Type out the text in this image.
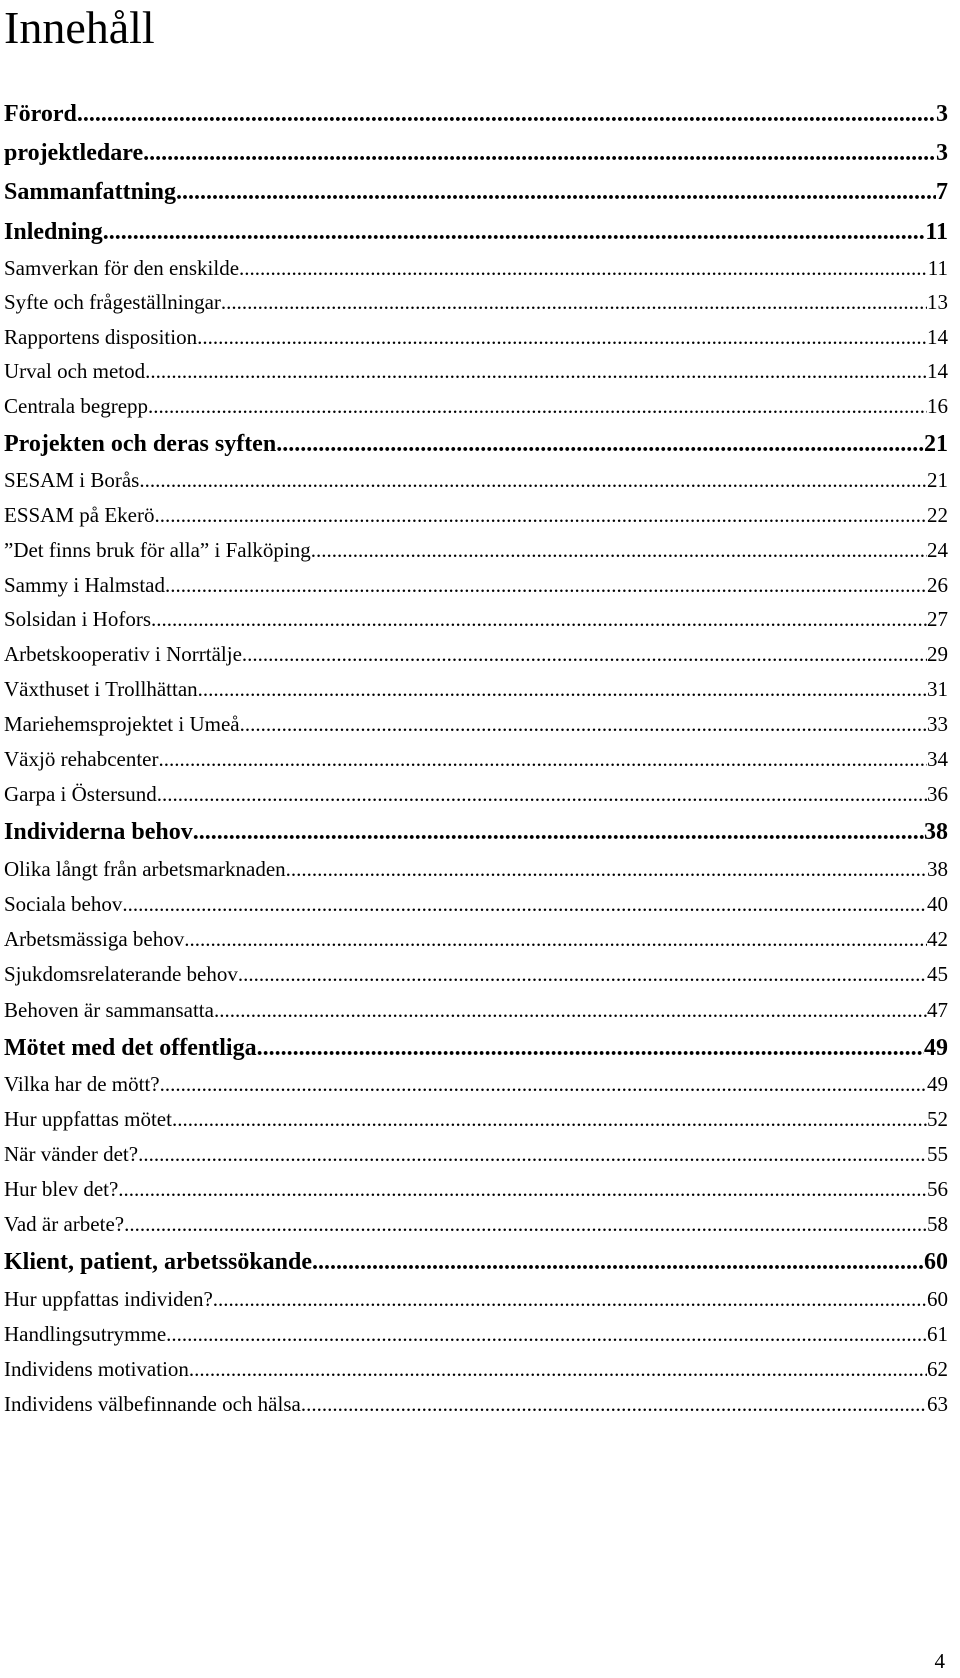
Innehåll
Förord .....	3
projektledare .....	3
Sammanfattning .....	7
Inledning .....	11
Samverkan för den enskilde .....	11
Syfte och frågeställningar .....	13
Rapportens disposition .....	14
Urval och metod .....	14
Centrala begrepp .....	16
Projekten och deras syften .....	21
SESAM i Borås .....	21
ESSAM på Ekerö .....	22
”Det finns bruk för alla” i Falköping .....	24
Sammy i Halmstad .....	26
Solsidan i Hofors .....	27
Arbetskooperativ i Norrtälje .....	29
Växthuset i Trollhättan .....	31
Mariehemsprojektet i Umeå .....	33
Växjö rehabcenter .....	34
Garpa i Östersund .....	36
Individerna behov .....	38
Olika långt från arbetsmarknaden .....	38
Sociala behov .....	40
Arbetsmässiga behov .....	42
Sjukdomsrelaterande behov .....	45
Behoven är sammansatta .....	47
Mötet med det offentliga .....	49
Vilka har de mött? .....	49
Hur uppfattas mötet .....	52
När vänder det? .....	55
Hur blev det? .....	56
Vad är arbete? .....	58
Klient, patient, arbetssökande .....	60
Hur uppfattas individen? .....	60
Handlingsutrymme .....	61
Individens motivation .....	62
Individens välbefinnande och hälsa .....	63
4
